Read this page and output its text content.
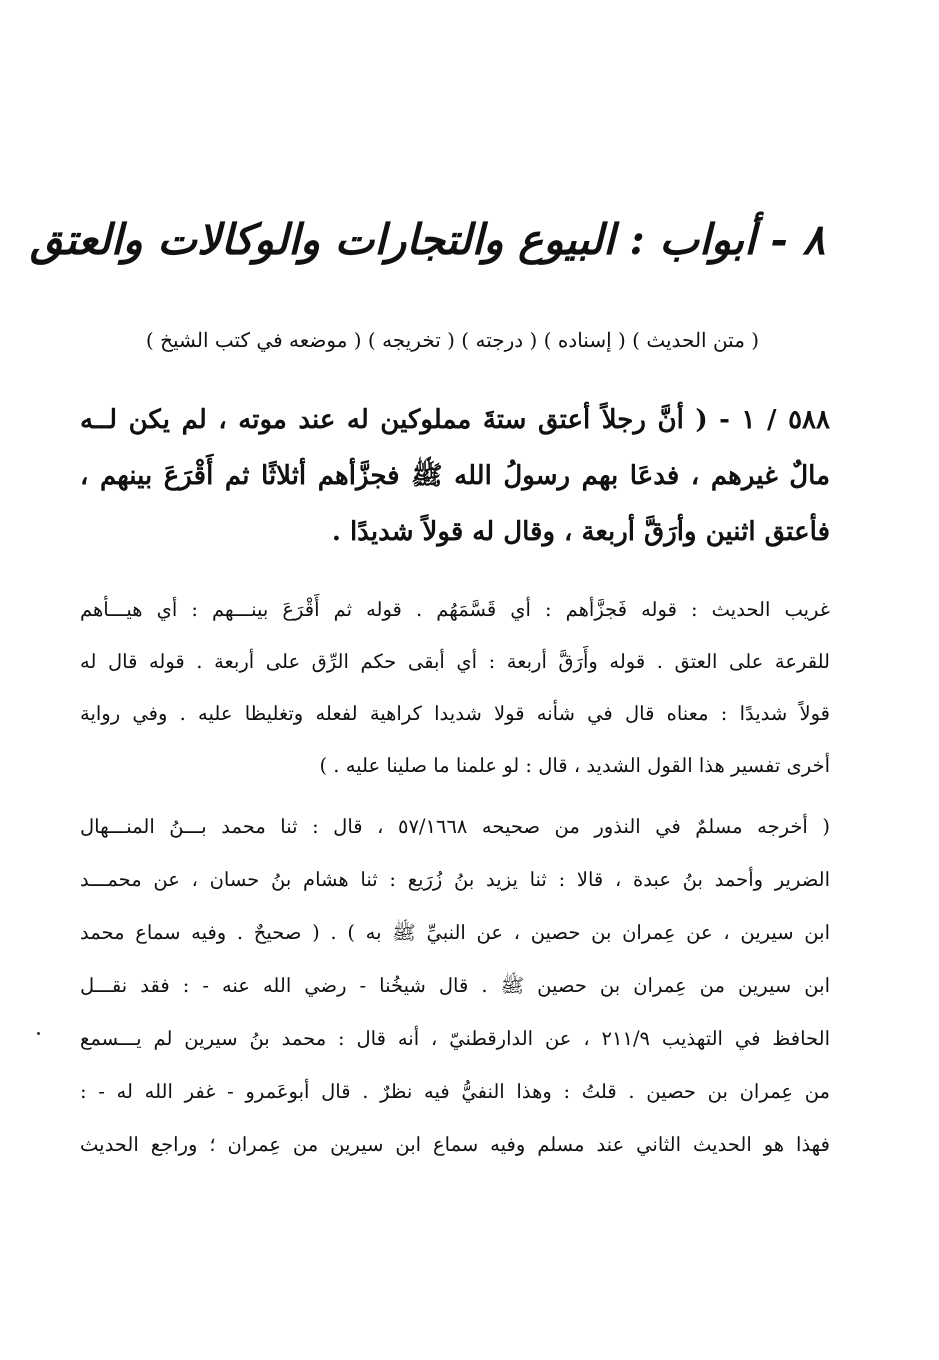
٨ - أبواب : البيوع والتجارات والوكالات والعتق
( متن الحديث ) ( إسناده ) ( درجته ) ( تخريجه ) ( موضعه في كتب الشيخ )
٥٨٨ / ١ - ( أنَّ رجلاً أعتق ستةَ مملوكين له عند موته ، لم يكن لــه
مالٌ غيرهم ، فدعَا بهم رسولُ الله ﷺ فجزَّأهم أثلاثًا ثم أَقْرَعَ بينهم ،
فأعتق اثنين وأرَقَّ أربعة ، وقال له قولاً شديدًا .
غريب الحديث : قوله فَجزَّأهم : أي قَسَّمَهُم . قوله ثم أَقْرَعَ بينـــهم : أي هيـــأهم
للقرعة على العتق . قوله وأَرَقَّ أربعة : أي أبقى حكم الرِّق على أربعة . قوله قال له
قولاً شديدًا : معناه قال في شأنه قولا شديدا كراهية لفعله وتغليظا عليه . وفي رواية
أخرى تفسير هذا القول الشديد ، قال : لو علمنا ما صلينا عليه . )
( أخرجه مسلمٌ في النذور من صحيحه ٥٧/١٦٦٨ ، قال : ثنا محمد بـــنُ المنـــهال
الضرير وأحمد بنُ عبدة ، قالا : ثنا يزيد بنُ زُرَيع : ثنا هشام بنُ حسان ، عن محمـــد
ابن سيرين ، عن عِمران بن حصين ، عن النبيِّ ﷺ به ) . ( صحيحٌ . وفيه سماع محمد
ابن سيرين من عِمران بن حصين ﷺ . قال شيخُنا - رضي الله عنه - : فقد نقـــل
الحافظ في التهذيب ٢١١/٩ ، عن الدارقطنيّ ، أنه قال : محمد بنُ سيرين لم يـــسمع
من عِمران بن حصين . قلتُ : وهذا النفيُّ فيه نظرٌ . قال أبوعَمرو - غفر الله له - :
فهذا هو الحديث الثاني عند مسلم وفيه سماع ابن سيرين من عِمران ؛ وراجع الحديث
